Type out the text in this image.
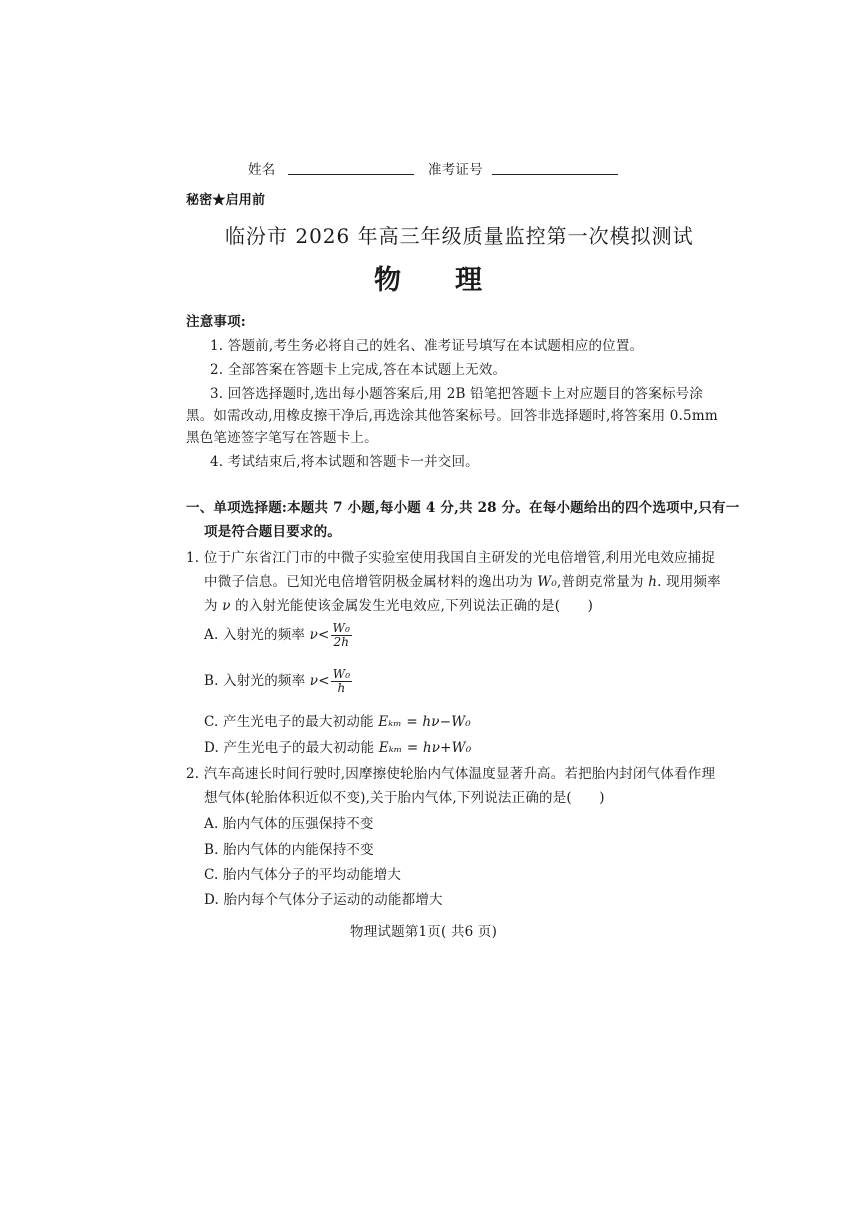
姓名	准考证号
秘密★启用前
临汾市 2026 年高三年级质量监控第一次模拟测试
物　　理
注意事项:
1. 答题前,考生务必将自己的姓名、准考证号填写在本试题相应的位置。
2. 全部答案在答题卡上完成,答在本试题上无效。
3. 回答选择题时,选出每小题答案后,用 2B 铅笔把答题卡上对应题目的答案标号涂
黑。如需改动,用橡皮擦干净后,再选涂其他答案标号。回答非选择题时,将答案用 0.5mm
黑色笔迹签字笔写在答题卡上。
4. 考试结束后,将本试题和答题卡一并交回。
一、单项选择题:本题共 7 小题,每小题 4 分,共 28 分。在每小题给出的四个选项中,只有一
项是符合题目要求的。
1. 位于广东省江门市的中微子实验室使用我国自主研发的光电倍增管,利用光电效应捕捉
中微子信息。已知光电倍增管阴极金属材料的逸出功为 W₀,普朗克常量为 h. 现用频率
为 ν 的入射光能使该金属发生光电效应,下列说法正确的是(　　)
A. 入射光的频率 $\nu< \frac{\text{W₀}}{2h}$
B. 入射光的频率 $\nu< \frac{\text{W₀}}{h}$
C. 产生光电子的最大初动能 Eₖₘ = hν−W₀
D. 产生光电子的最大初动能 Eₖₘ = hν+W₀
2. 汽车高速长时间行驶时,因摩擦使轮胎内气体温度显著升高。若把胎内封闭气体看作理
想气体(轮胎体积近似不变),关于胎内气体,下列说法正确的是(　　)
A. 胎内气体的压强保持不变
B. 胎内气体的内能保持不变
C. 胎内气体分子的平均动能增大
D. 胎内每个气体分子运动的动能都增大
物理试题第1页( 共6 页)
